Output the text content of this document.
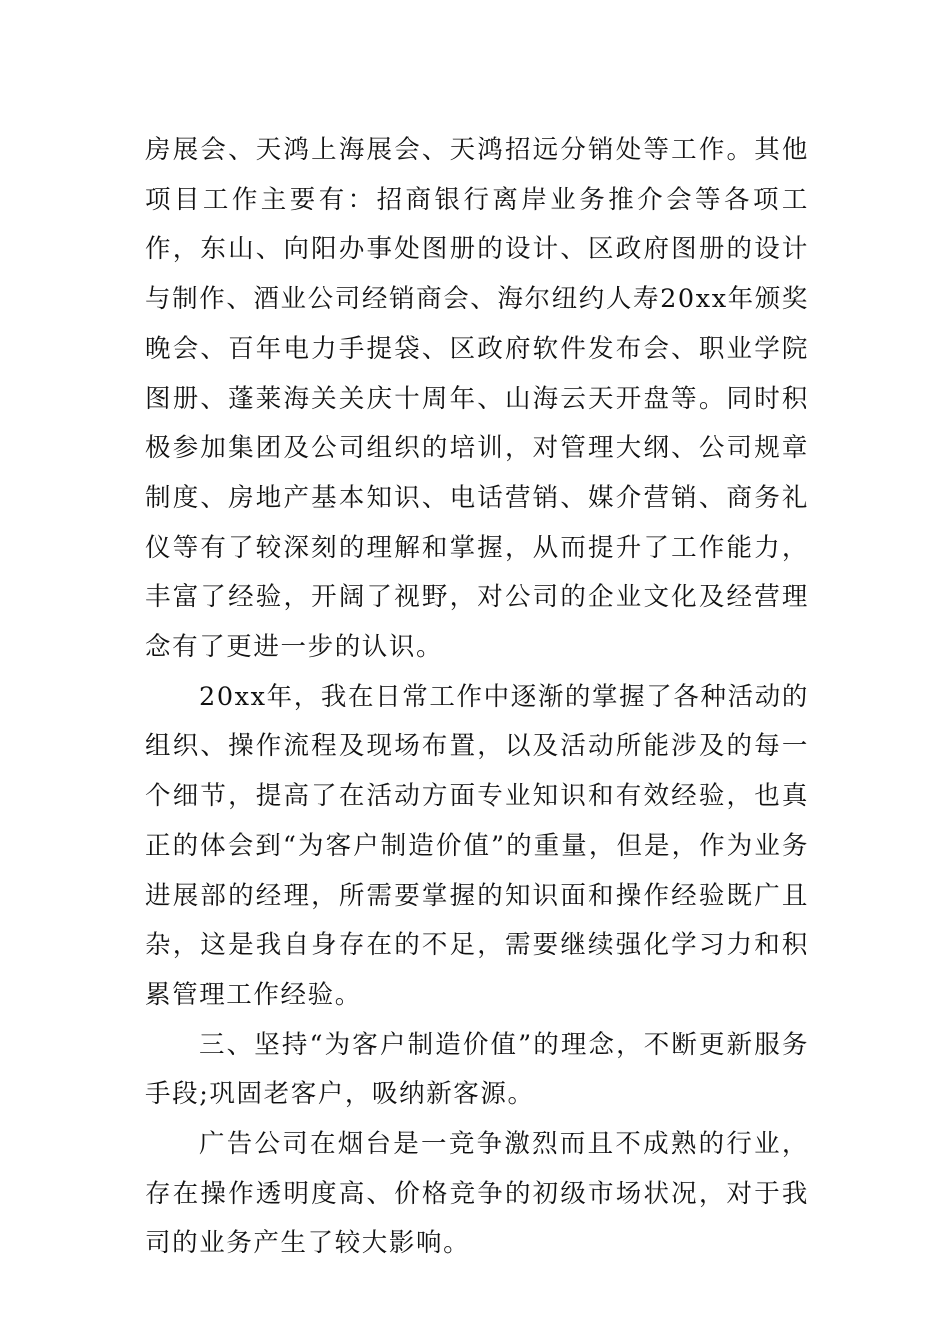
房展会、天鸿上海展会、天鸿招远分销处等工作。其他项目工作主要有：招商银行离岸业务推介会等各项工作，东山、向阳办事处图册的设计、区政府图册的设计与制作、酒业公司经销商会、海尔纽约人寿20xx年颁奖晚会、百年电力手提袋、区政府软件发布会、职业学院图册、蓬莱海关关庆十周年、山海云天开盘等。同时积极参加集团及公司组织的培训，对管理大纲、公司规章制度、房地产基本知识、电话营销、媒介营销、商务礼仪等有了较深刻的理解和掌握，从而提升了工作能力，丰富了经验，开阔了视野，对公司的企业文化及经营理念有了更进一步的认识。

20xx年，我在日常工作中逐渐的掌握了各种活动的组织、操作流程及现场布置，以及活动所能涉及的每一个细节，提高了在活动方面专业知识和有效经验，也真正的体会到“为客户制造价值”的重量，但是，作为业务进展部的经理，所需要掌握的知识面和操作经验既广且杂，这是我自身存在的不足，需要继续强化学习力和积累管理工作经验。

三、坚持“为客户制造价值”的理念，不断更新服务手段;巩固老客户，吸纳新客源。

广告公司在烟台是一竞争激烈而且不成熟的行业，存在操作透明度高、价格竞争的初级市场状况，对于我司的业务产生了较大影响。
